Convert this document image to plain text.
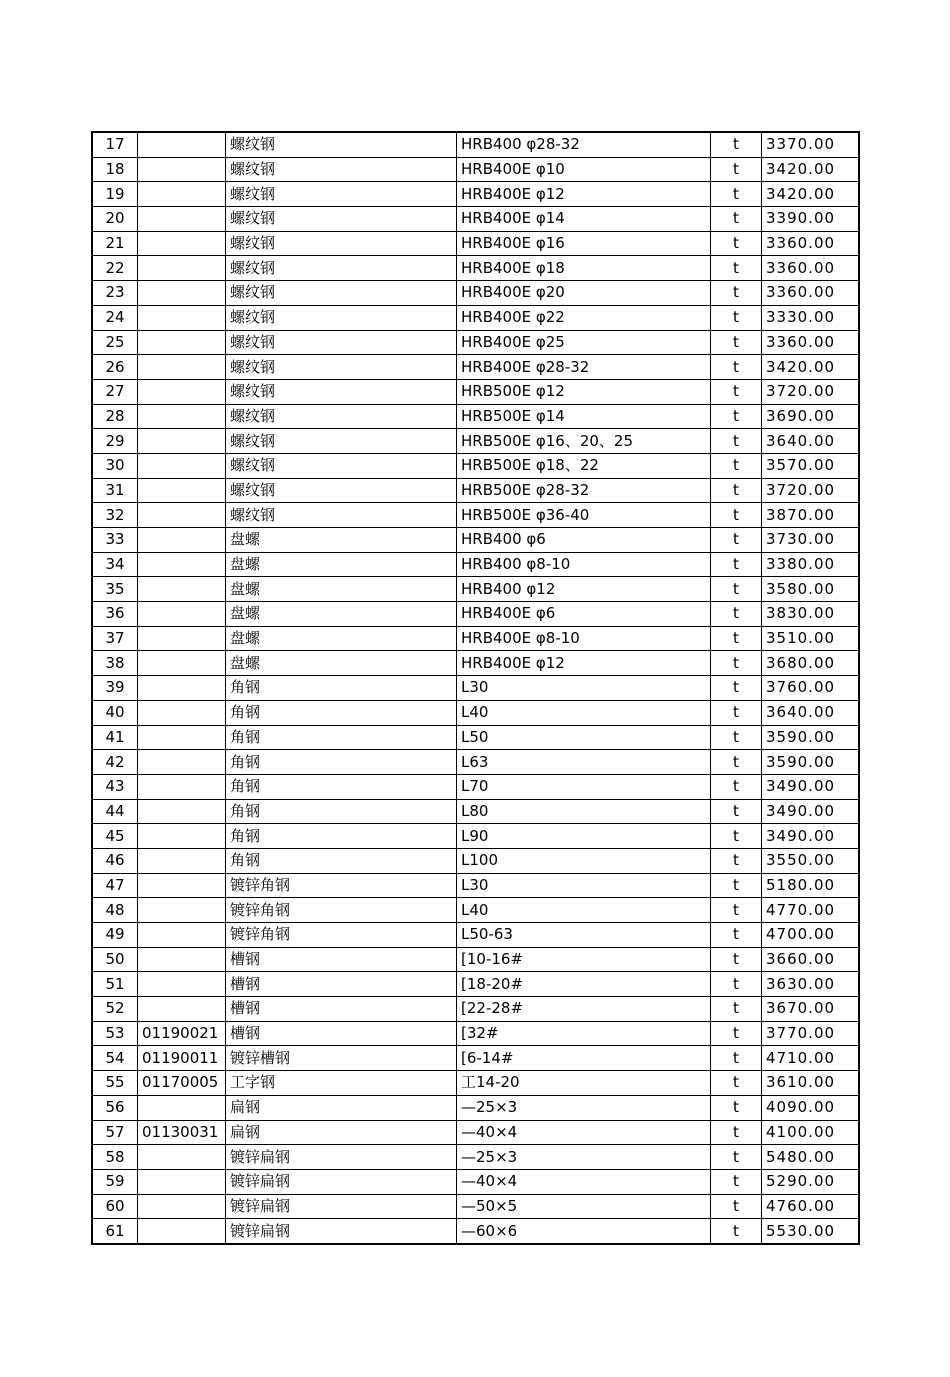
17		螺纹钢	HRB400 φ28-32	t	3370.00
18		螺纹钢	HRB400E φ10	t	3420.00
19		螺纹钢	HRB400E φ12	t	3420.00
20		螺纹钢	HRB400E φ14	t	3390.00
21		螺纹钢	HRB400E φ16	t	3360.00
22		螺纹钢	HRB400E φ18	t	3360.00
23		螺纹钢	HRB400E φ20	t	3360.00
24		螺纹钢	HRB400E φ22	t	3330.00
25		螺纹钢	HRB400E φ25	t	3360.00
26		螺纹钢	HRB400E φ28-32	t	3420.00
27		螺纹钢	HRB500E φ12	t	3720.00
28		螺纹钢	HRB500E φ14	t	3690.00
29		螺纹钢	HRB500E φ16、20、25	t	3640.00
30		螺纹钢	HRB500E φ18、22	t	3570.00
31		螺纹钢	HRB500E φ28-32	t	3720.00
32		螺纹钢	HRB500E φ36-40	t	3870.00
33		盘螺	HRB400 φ6	t	3730.00
34		盘螺	HRB400 φ8-10	t	3380.00
35		盘螺	HRB400 φ12	t	3580.00
36		盘螺	HRB400E φ6	t	3830.00
37		盘螺	HRB400E φ8-10	t	3510.00
38		盘螺	HRB400E φ12	t	3680.00
39		角钢	L30	t	3760.00
40		角钢	L40	t	3640.00
41		角钢	L50	t	3590.00
42		角钢	L63	t	3590.00
43		角钢	L70	t	3490.00
44		角钢	L80	t	3490.00
45		角钢	L90	t	3490.00
46		角钢	L100	t	3550.00
47		镀锌角钢	L30	t	5180.00
48		镀锌角钢	L40	t	4770.00
49		镀锌角钢	L50-63	t	4700.00
50		槽钢	[10-16#	t	3660.00
51		槽钢	[18-20#	t	3630.00
52		槽钢	[22-28#	t	3670.00
53	01190021	槽钢	[32#	t	3770.00
54	01190011	镀锌槽钢	[6-14#	t	4710.00
55	01170005	工字钢	工14-20	t	3610.00
56		扁钢	—25×3	t	4090.00
57	01130031	扁钢	—40×4	t	4100.00
58		镀锌扁钢	—25×3	t	5480.00
59		镀锌扁钢	—40×4	t	5290.00
60		镀锌扁钢	—50×5	t	4760.00
61		镀锌扁钢	—60×6	t	5530.00
